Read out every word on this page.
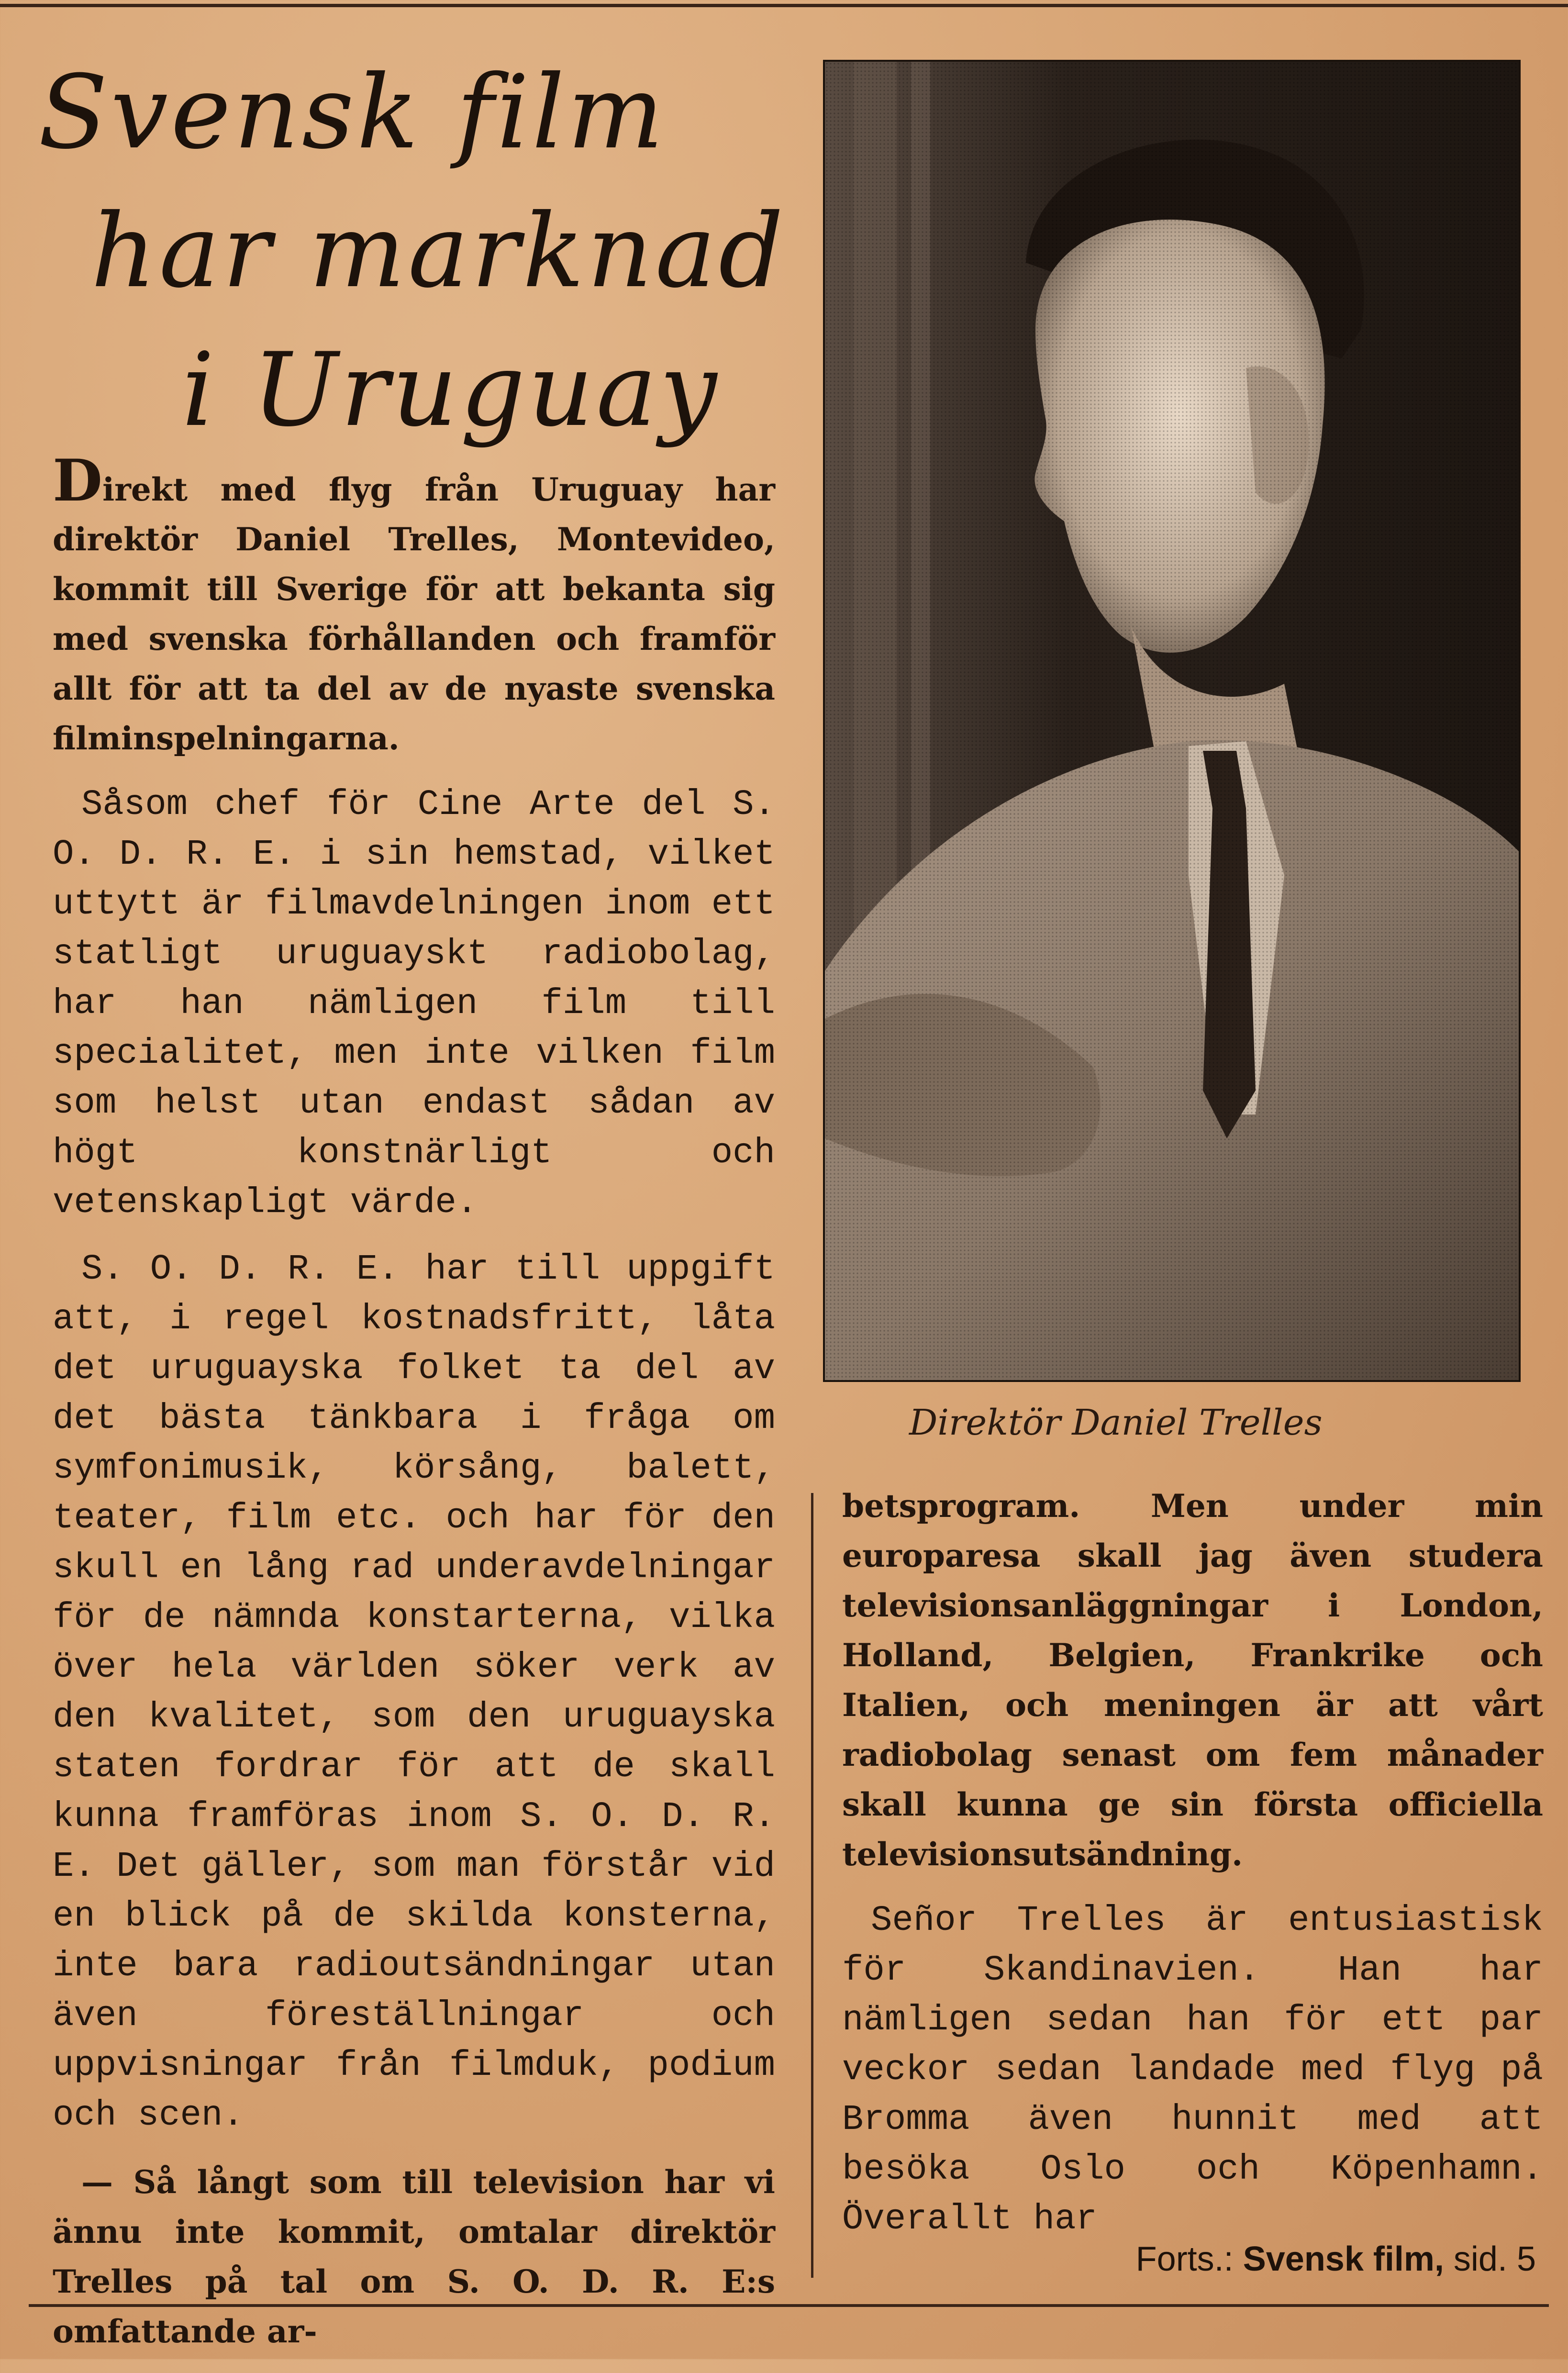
Svensk film
har marknad
i Uruguay

Direkt med flyg från Uruguay har direktör Daniel Trelles, Montevideo, kommit till Sverige för att bekanta sig med svenska förhållanden och framför allt för att ta del av de nyaste svenska filminspelningarna.

Såsom chef för Cine Arte del S. O. D. R. E. i sin hemstad, vilket uttytt är filmavdelningen inom ett statligt uruguayskt radiobolag, har han nämligen film till specialitet, men inte vilken film som helst utan endast sådan av högt konstnärligt och vetenskapligt värde.

S. O. D. R. E. har till uppgift att, i regel kostnadsfritt, låta det uruguayska folket ta del av det bästa tänkbara i fråga om symfonimusik, körsång, balett, teater, film etc. och har för den skull en lång rad underavdelningar för de nämnda konstarterna, vilka över hela världen söker verk av den kvalitet, som den uruguayska staten fordrar för att de skall kunna framföras inom S. O. D. R. E. Det gäller, som man förstår vid en blick på de skilda konsterna, inte bara radioutsändningar utan även föreställningar och uppvisningar från filmduk, podium och scen.

— Så långt som till television har vi ännu inte kommit, omtalar direktör Trelles på tal om S. O. D. R. E:s omfattande ar-

Direktör Daniel Trelles

betsprogram. Men under min europaresa skall jag även studera televisionsanläggningar i London, Holland, Belgien, Frankrike och Italien, och meningen är att vårt radiobolag senast om fem månader skall kunna ge sin första officiella televisionsutsändning.

Señor Trelles är entusiastisk för Skandinavien. Han har nämligen sedan han för ett par veckor sedan landade med flyg på Bromma även hunnit med att besöka Oslo och Köpenhamn. Överallt har

Forts.: Svensk film, sid. 5
